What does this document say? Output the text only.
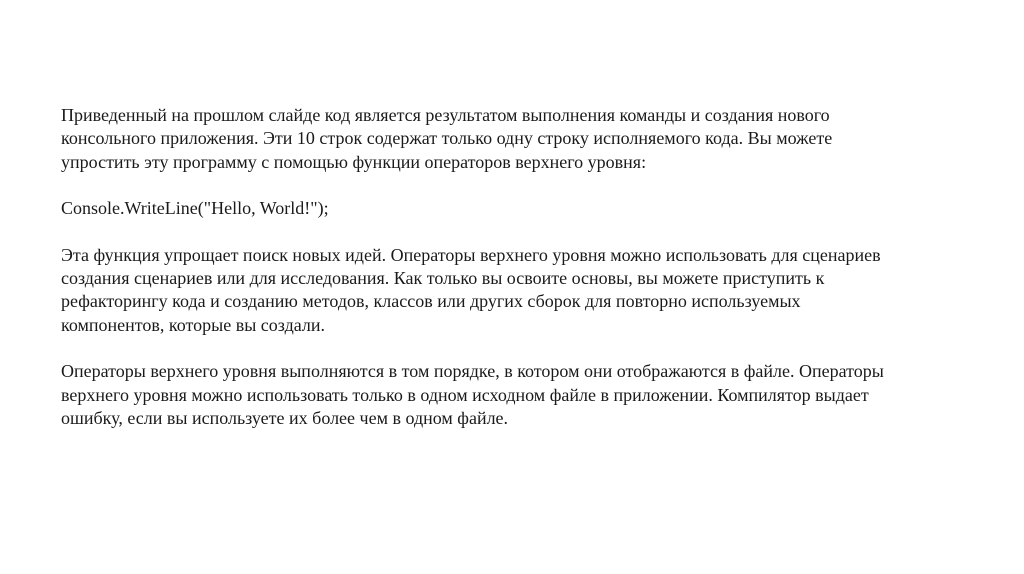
Приведенный на прошлом слайде код является результатом выполнения команды и создания нового
консольного приложения. Эти 10 строк содержат только одну строку исполняемого кода. Вы можете
упростить эту программу с помощью функции операторов верхнего уровня:

Console.WriteLine("Hello, World!");

Эта функция упрощает поиск новых идей. Операторы верхнего уровня можно использовать для сценариев
создания сценариев или для исследования. Как только вы освоите основы, вы можете приступить к
рефакторингу кода и созданию методов, классов или других сборок для повторно используемых
компонентов, которые вы создали.

Операторы верхнего уровня выполняются в том порядке, в котором они отображаются в файле. Операторы
верхнего уровня можно использовать только в одном исходном файле в приложении. Компилятор выдает
ошибку, если вы используете их более чем в одном файле.
